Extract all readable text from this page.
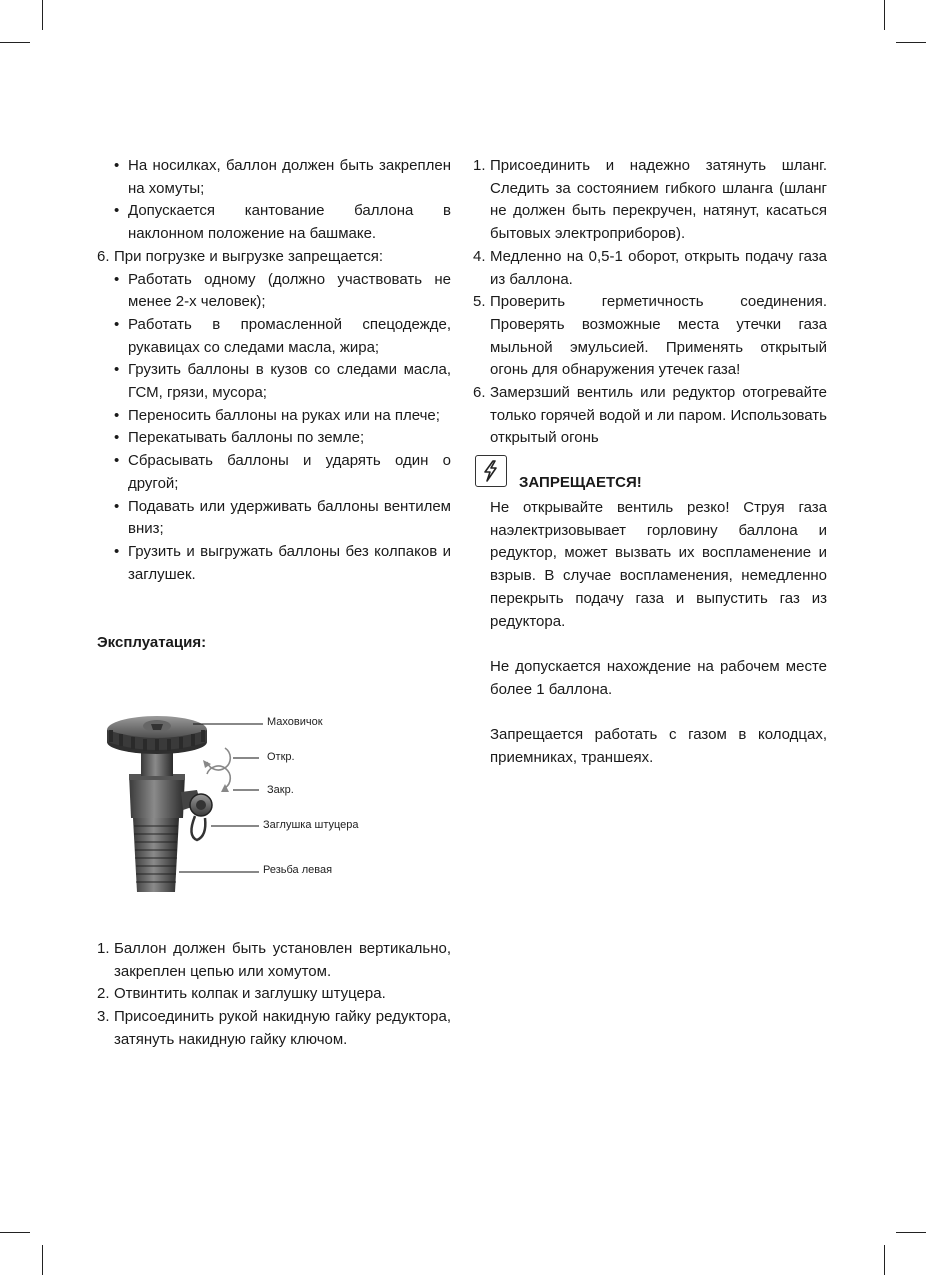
• На носилках, баллон должен быть закреплен на хомуты;
• Допускается кантование баллона в наклонном положение на башмаке.
6. При погрузке и выгрузке запрещается:
• Работать одному (должно участвовать не менее 2-х человек);
• Работать в промасленной спецодежде, рукавицах со следами масла, жира;
• Грузить баллоны в кузов со следами масла, ГСМ, грязи, мусора;
• Переносить баллоны на руках или на плече;
• Перекатывать баллоны по земле;
• Сбрасывать баллоны и ударять один о другой;
• Подавать или удерживать баллоны вентилем вниз;
• Грузить и выгружать баллоны без колпаков и заглушек.
Эксплуатация:
Маховичок
Откр.
Закр.
Заглушка штуцера
Резьба левая
1. Баллон должен быть установлен вертикально, закреплен цепью или хомутом.
2. Отвинтить колпак и заглушку штуцера.
3. Присоединить рукой накидную гайку редуктора, затянуть накидную гайку ключом.
1. Присоединить и надежно затянуть шланг. Следить за состоянием гибкого шланга (шланг не должен быть перекручен, натянут, касаться бытовых электроприборов).
4. Медленно на 0,5-1 оборот, открыть подачу газа из баллона.
5. Проверить герметичность соединения. Проверять возможные места утечки газа мыльной эмульсией. Применять открытый огонь для обнаружения утечек газа!
6. Замерзший вентиль или редуктор отогревайте только горячей водой и ли паром. Использовать открытый огонь
ЗАПРЕЩАЕТСЯ!
Не открывайте вентиль резко! Струя газа наэлектризовывает горловину баллона и редуктор, может вызвать их воспламенение и взрыв. В случае воспламенения, немедленно перекрыть подачу газа и выпустить газ из редуктора.
Не допускается нахождение на рабочем месте более 1 баллона.
Запрещается работать с газом в колодцах, приемниках, траншеях.
